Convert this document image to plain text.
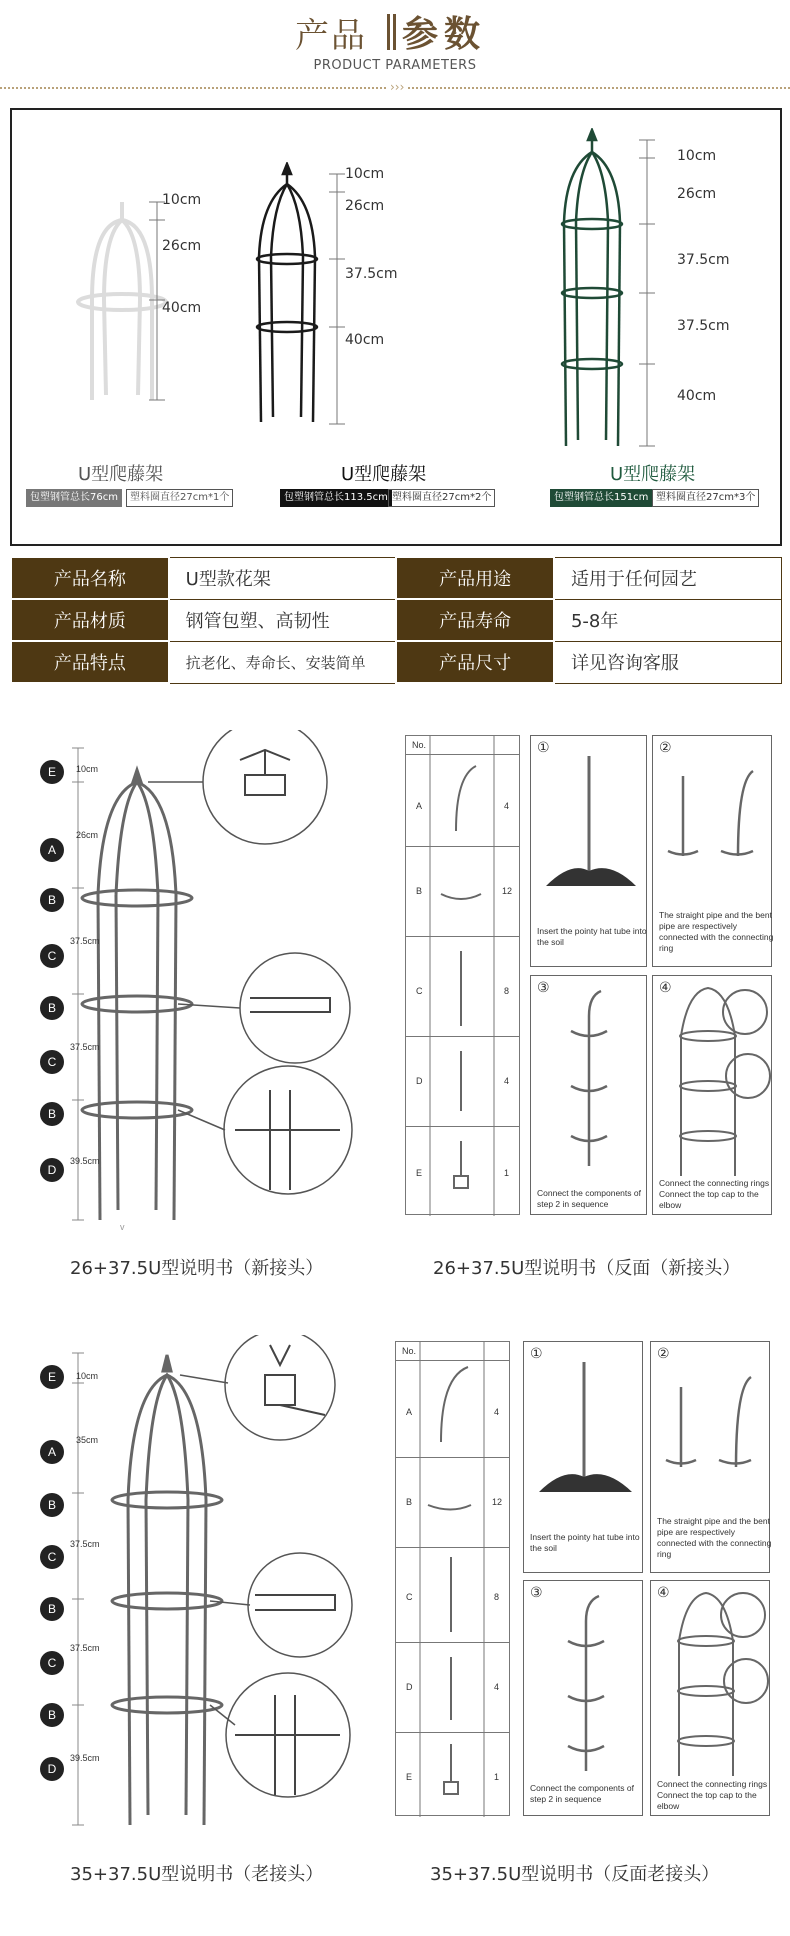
产品 参数
PRODUCT PARAMETERS
›››
10cm
26cm
40cm
U型爬藤架
包塑钢管总长76cm	塑料圈直径27cm*1个
10cm
26cm
37.5cm
40cm
U型爬藤架
包塑钢管总长113.5cm 塑料圈直径27cm*2个
10cm
26cm
37.5cm
37.5cm
40cm
U型爬藤架
包塑钢管总长151cm 塑料圈直径27cm*3个
产品名称	U型款花架	产品用途	适用于任何园艺
产品材质	钢管包塑、高韧性	产品寿命	5-8年
产品特点	抗老化、寿命长、安装简单	产品尺寸	详见咨询客服
E
A
B
C
B
C
B
D
10cm
26cm
37.5cm
37.5cm
39.5cm
v
No.
A	4
B	12
C	8
D	4
E	1
①
Insert the pointy hat tube into the soil
②
The straight pipe and the bent pipe are respectively connected with the connecting ring
③
Connect the components of step 2 in sequence
④
Connect the connecting rings Connect the top cap to the elbow
26+37.5U型说明书（新接头）	26+37.5U型说明书（反面（新接头）
E
A
B
C
B
C
B
D
10cm
35cm
37.5cm
37.5cm
39.5cm
No.
A	4
B	12
C	8
D	4
E	1
①
Insert the pointy hat tube into the soil
②
The straight pipe and the bent pipe are respectively connected with the connecting ring
③
Connect the components of step 2 in sequence
④
Connect the connecting rings Connect the top cap to the elbow
35+37.5U型说明书（老接头）	35+37.5U型说明书（反面老接头）
